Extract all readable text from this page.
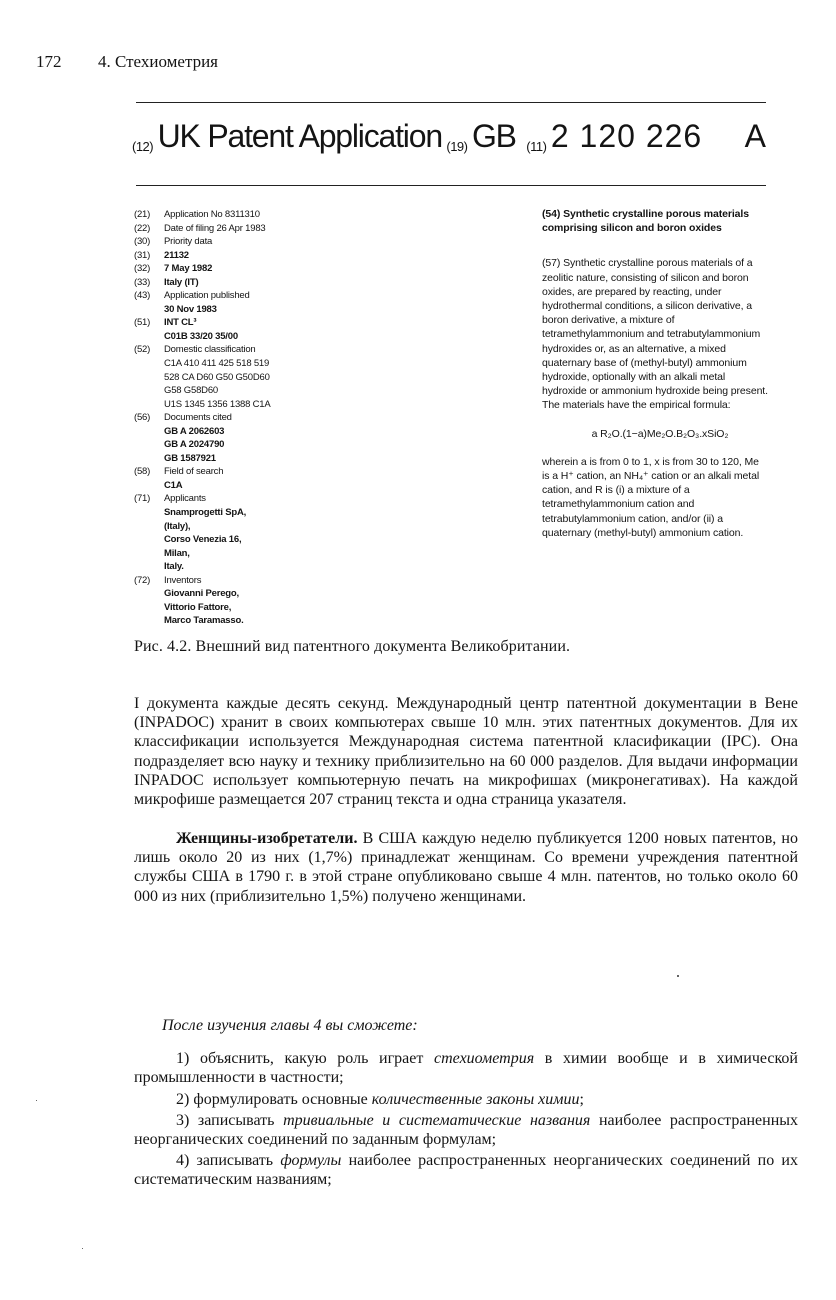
172 4. Стехиометрия
$_{(12)}$ UK Patent Application $_{(19)}$ GB $_{(11)}$ 2 120 226 A
(21)	Application No 8311310
(22)	Date of filing 26 Apr 1983
(30)	Priority data
(31)	21132
(32)	7 May 1982
(33)	Italy (IT)
(43)	Application published
30 Nov 1983
(51)	INT CL³
C01B 33/20 35/00
(52)	Domestic classification
C1A 410 411 425 518 519
528 CA D60 G50 G50D60
G58 G58D60
U1S 1345 1356 1388 C1A
(56)	Documents cited
GB A 2062603
GB A 2024790
GB 1587921
(58)	Field of search
C1A
(71)	Applicants
Snamprogetti SpA,
(Italy),
Corso Venezia 16,
Milan,
Italy.
(72)	Inventors
Giovanni Perego,
Vittorio Fattore,
Marco Taramasso.
(54) Synthetic crystalline porous materials comprising silicon and boron oxides
(57) Synthetic crystalline porous materials of a zeolitic nature, consisting of silicon and boron oxides, are prepared by reacting, under hydrothermal conditions, a silicon derivative, a boron derivative, a mixture of tetramethylammonium and tetrabutylammonium hydroxides or, as an alternative, a mixed quaternary base of (methyl-butyl) ammonium hydroxide, optionally with an alkali metal hydroxide or ammonium hydroxide being present. The materials have the empirical formula:
a R₂O.(1−a)Me₂O.B₂O₃.xSiO₂
wherein a is from 0 to 1, x is from 30 to 120, Me is a H⁺ cation, an NH₄⁺ cation or an alkali metal cation, and R is (i) a mixture of a tetramethylammonium cation and tetrabutylammonium cation, and/or (ii) a quaternary (methyl-butyl) ammonium cation.
Рис. 4.2. Внешний вид патентного документа Великобритании.

I документа каждые десять секунд. Международный центр патентной документации в Вене (INPADOC) хранит в своих компьютерах свыше 10 млн. этих патентных документов. Для их классификации используется Международная система патентной класификации (IPC). Она подразделяет всю науку и технику приблизительно на 60 000 разделов. Для выдачи информации INPADOC использует компьютерную печать на микрофишах (микронегативах). На каждой микрофише размещается 207 страниц текста и одна страница указателя.

Женщины-изобретатели. В США каждую неделю публикуется 1200 новых патентов, но лишь около 20 из них (1,7%) принадлежат женщинам. Со времени учреждения патентной службы США в 1790 г. в этой стране опубликовано свыше 4 млн. патентов, но только около 60 000 из них (приблизительно 1,5%) получено женщинами.

После изучения главы 4 вы сможете:

1) объяснить, какую роль играет стехиометрия в химии вообще и в химической промышленности в частности;

2) формулировать основные количественные законы химии;

3) записывать тривиальные и систематические названия наиболее распространенных неорганических соединений по заданным формулам;

4) записывать формулы наиболее распространенных неорганических соединений по их систематическим названиям;
